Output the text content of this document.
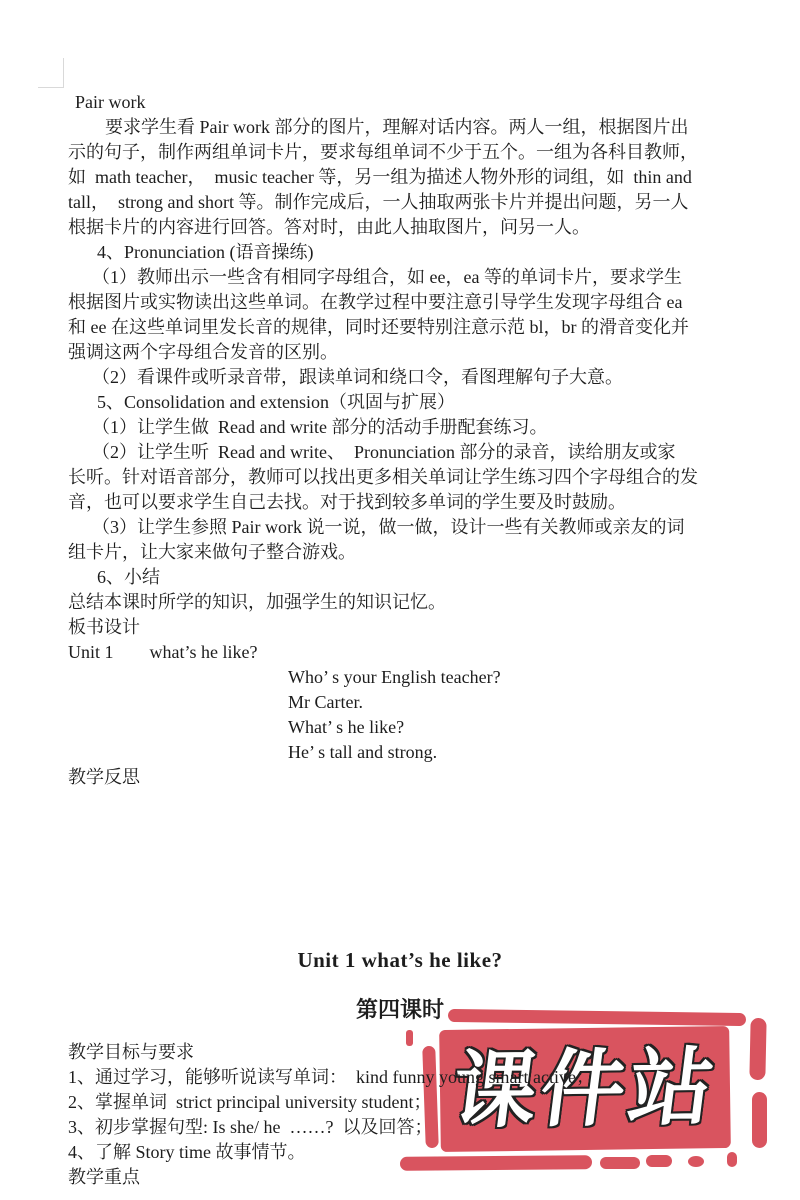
课件站
Pair work
要求学生看 Pair work 部分的图片，理解对话内容。两人一组，根据图片出
示的句子，制作两组单词卡片，要求每组单词不少于五个。一组为各科目教师，
如  math teacher，  music teacher 等，另一组为描述人物外形的词组，如  thin and
tall，  strong and short 等。制作完成后，一人抽取两张卡片并提出问题，另一人
根据卡片的内容进行回答。答对时，由此人抽取图片，问另一人。
4、Pronunciation (语音操练)
（1）教师出示一些含有相同字母组合，如 ee，ea 等的单词卡片，要求学生
根据图片或实物读出这些单词。在教学过程中要注意引导学生发现字母组合 ea
和 ee 在这些单词里发长音的规律，同时还要特别注意示范 bl，br 的滑音变化并
强调这两个字母组合发音的区别。
（2）看课件或听录音带，跟读单词和绕口令，看图理解句子大意。
5、Consolidation and extension（巩固与扩展）
（1）让学生做  Read and write 部分的活动手册配套练习。
（2）让学生听  Read and write、  Pronunciation 部分的录音，读给朋友或家
长听。针对语音部分，教师可以找出更多相关单词让学生练习四个字母组合的发
音，也可以要求学生自己去找。对于找到较多单词的学生要及时鼓励。
（3）让学生参照 Pair work 说一说，做一做，设计一些有关教师或亲友的词
组卡片，让大家来做句子整合游戏。
6、小结
总结本课时所学的知识，加强学生的知识记忆。
板书设计
Unit 1        what’s he like?
Who’ s your English teacher?
Mr Carter.
What’ s he like?
He’ s tall and strong.
教学反思
Unit 1 what’s he like?
第四课时
教学目标与要求
1、通过学习，能够听说读写单词：  kind funny young smart active；
2、掌握单词  strict principal university student；
3、初步掌握句型: Is she/ he  ……?  以及回答；
4、了解 Story time 故事情节。
教学重点
